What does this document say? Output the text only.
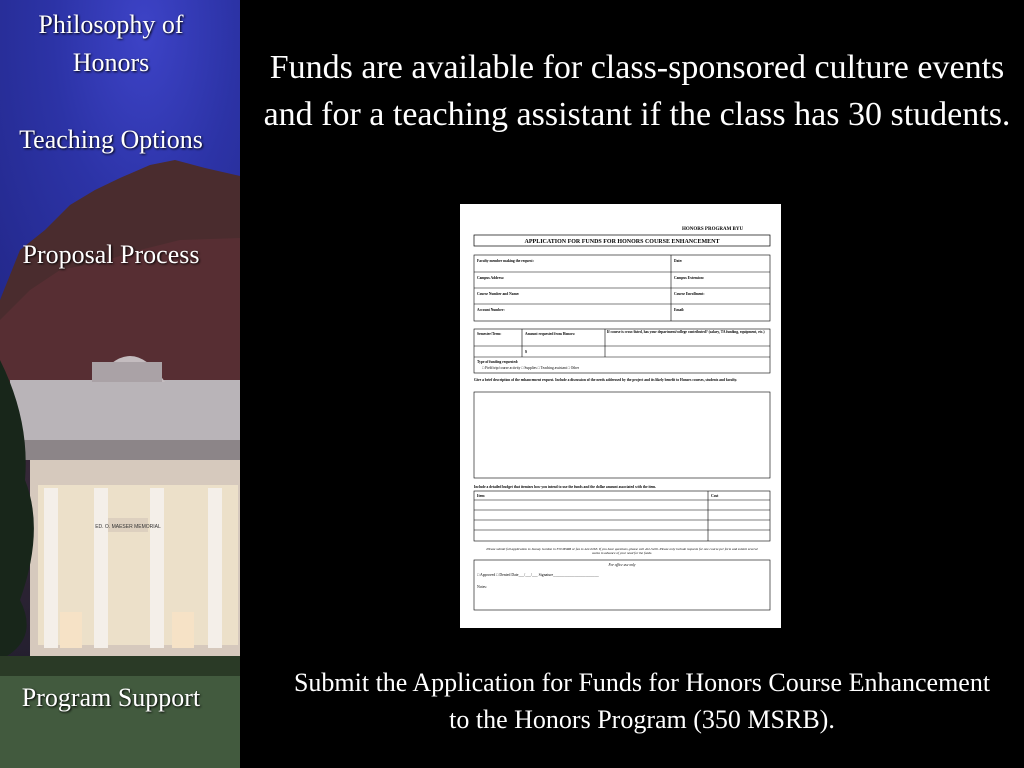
ED. O. MAESER MEMORIAL
Philosophy of Honors
Teaching Options
Proposal Process
Program Support
Funds are available for class-sponsored culture events and for a teaching assistant if the class has 30 students.
HONORS PROGRAM BYU
APPLICATION FOR FUNDS FOR HONORS COURSE ENHANCEMENT
Faculty member making the request:	Date:
Campus Address:	Campus Extension:
Course Number and Name:	Course Enrollment:
Account Number:	Email:
Semester/Term:	Amount requested from Honors:	If course is cross-listed, has your department/college contributed? (salary, TA funding, equipment, etc.)
$
Type of funding requested:
□ Field trip/course activity □ Supplies □ Teaching assistant □ Other
Give a brief description of the enhancement request. Include a discussion of the needs addressed by the project and its likely benefit to Honors courses, students and faculty.
Include a detailed budget that itemizes how you intend to use the funds and the dollar amount associated with the item.
Item	Cost
Please submit full application to Jeanay Gordon in 350 MSRB or fax to 422-0263. If you have questions, please call 422-5226. Please only include requests for one course per form and submit several weeks in advance of your need for the funds.
For office use only
□ Approved □ Denied Date___/___/___ Signature________________________
Notes:
Submit the Application for Funds for Honors Course Enhancement to the Honors Program (350 MSRB).
